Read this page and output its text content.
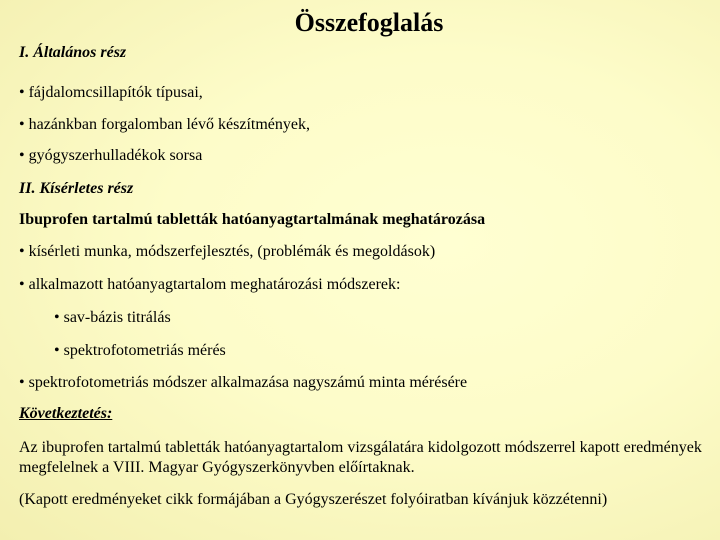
Összefoglalás
I. Általános rész
• fájdalomcsillapítók típusai,
• hazánkban forgalomban lévő készítmények,
• gyógyszerhulladékok sorsa
II. Kísérletes rész
Ibuprofen tartalmú tabletták hatóanyagtartalmának meghatározása
• kísérleti munka, módszerfejlesztés, (problémák és megoldások)
• alkalmazott hatóanyagtartalom meghatározási módszerek:
• sav-bázis titrálás
• spektrofotometriás mérés
• spektrofotometriás módszer alkalmazása nagyszámú minta mérésére
Következtetés:
Az ibuprofen tartalmú tabletták hatóanyagtartalom vizsgálatára kidolgozott módszerrel kapott eredmények megfelelnek a VIII. Magyar Gyógyszerkönyvben előírtaknak.
(Kapott eredményeket cikk formájában a Gyógyszerészet folyóiratban kívánjuk közzétenni)
